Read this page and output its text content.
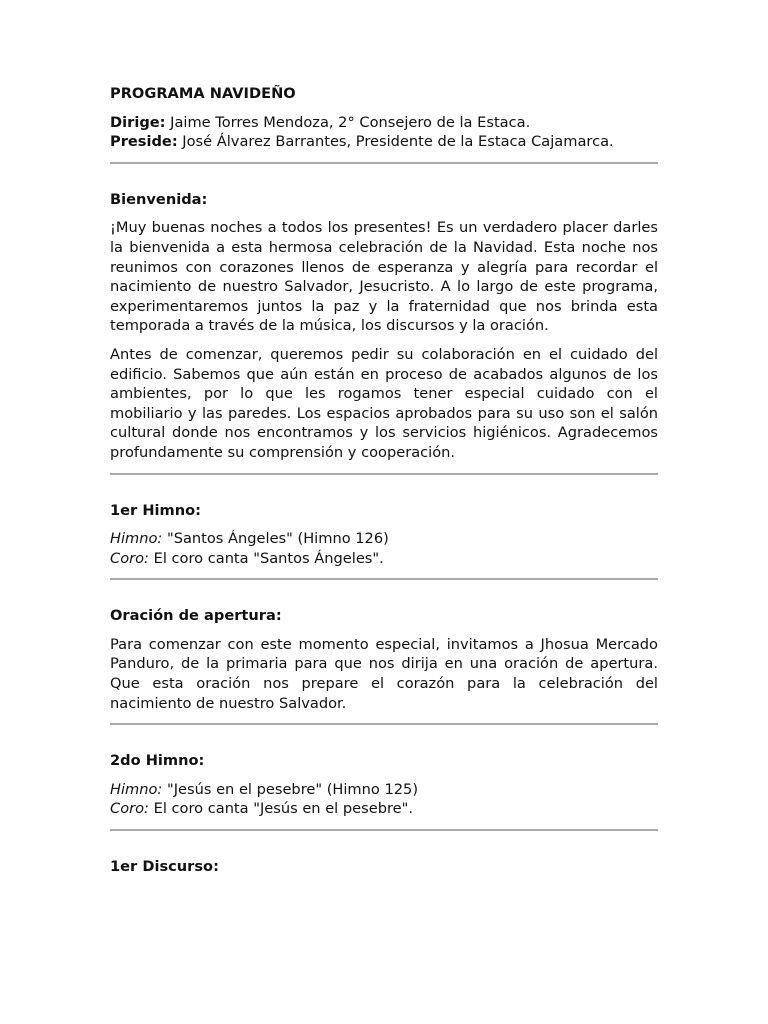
PROGRAMA NAVIDEÑO

Dirige: Jaime Torres Mendoza, 2° Consejero de la Estaca.

Preside: José Álvarez Barrantes, Presidente de la Estaca Cajamarca.

Bienvenida:

¡Muy buenas noches a todos los presentes! Es un verdadero placer darles la bienvenida a esta hermosa celebración de la Navidad. Esta noche nos reunimos con corazones llenos de esperanza y alegría para recordar el nacimiento de nuestro Salvador, Jesucristo. A lo largo de este programa, experimentaremos juntos la paz y la fraternidad que nos brinda esta temporada a través de la música, los discursos y la oración.

Antes de comenzar, queremos pedir su colaboración en el cuidado del edificio. Sabemos que aún están en proceso de acabados algunos de los ambientes, por lo que les rogamos tener especial cuidado con el mobiliario y las paredes. Los espacios aprobados para su uso son el salón cultural donde nos encontramos y los servicios higiénicos. Agradecemos profundamente su comprensión y cooperación.

1er Himno:

Himno: "Santos Ángeles" (Himno 126)

Coro: El coro canta "Santos Ángeles".

Oración de apertura:

Para comenzar con este momento especial, invitamos a Jhosua Mercado Panduro, de la primaria para que nos dirija en una oración de apertura. Que esta oración nos prepare el corazón para la celebración del nacimiento de nuestro Salvador.

2do Himno:

Himno: "Jesús en el pesebre" (Himno 125)

Coro: El coro canta "Jesús en el pesebre".

1er Discurso:
